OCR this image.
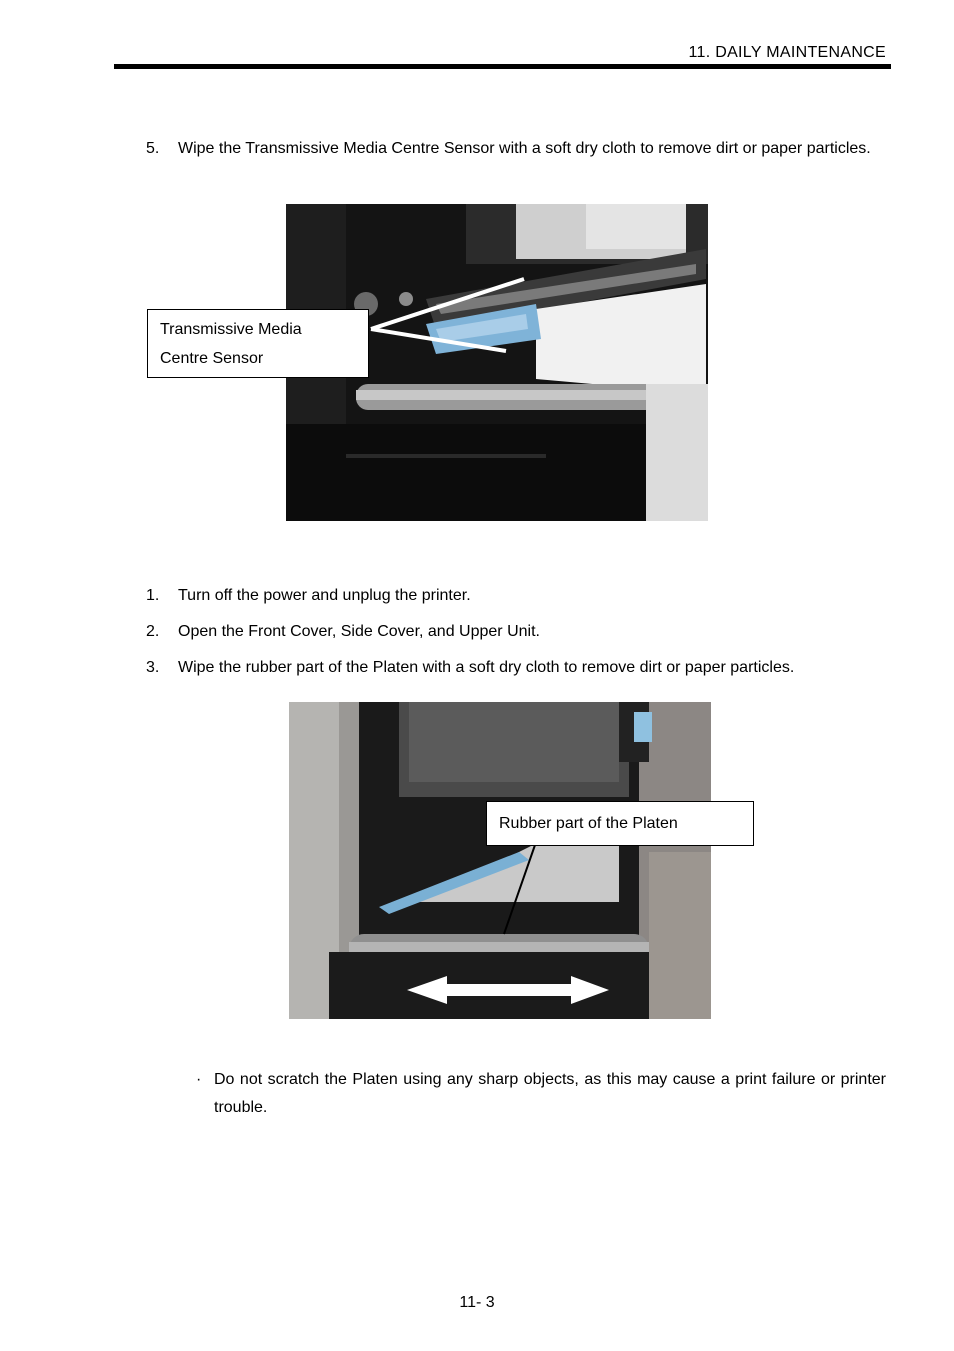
11. DAILY MAINTENANCE
5. Wipe the Transmissive Media Centre Sensor with a soft dry cloth to remove dirt or paper particles.
Transmissive Media
Centre Sensor
1. Turn off the power and unplug the printer.
2. Open the Front Cover, Side Cover, and Upper Unit.
3. Wipe the rubber part of the Platen with a soft dry cloth to remove dirt or paper particles.
Rubber part of the Platen
· Do not scratch the Platen using any sharp objects, as this may cause a print failure or printer trouble.
11- 3
